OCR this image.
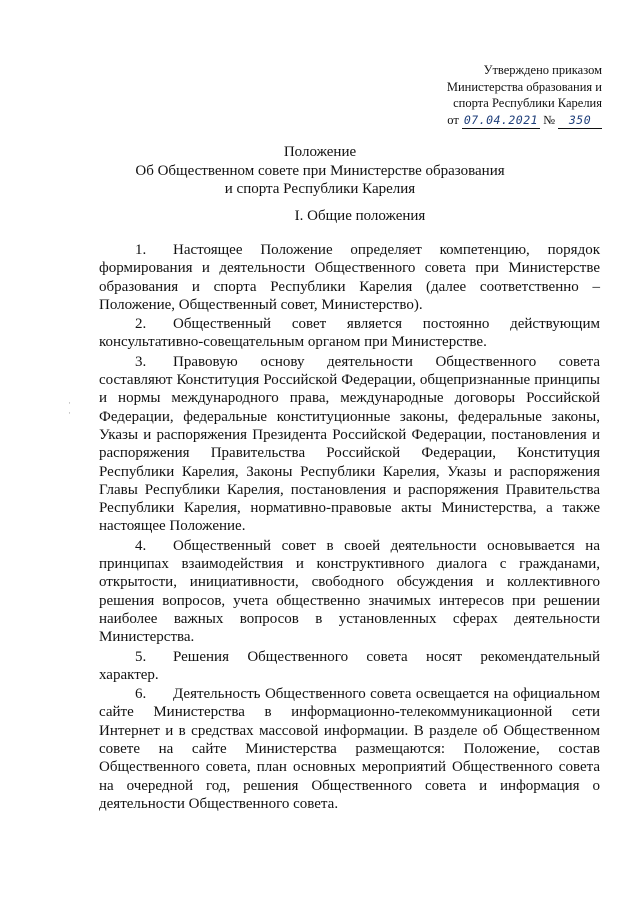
Утверждено приказом
Министерства образования и
спорта Республики Карелия
от 07.04.2021 №	350
Положение
Об Общественном совете при Министерстве образования
и спорта Республики Карелия
I. Общие положения
·
·

1. Настоящее Положение определяет компетенцию, порядок формирования и деятельности Общественного совета при Министерстве образования и спорта Республики Карелия (далее соответственно – Положение, Общественный совет, Министерство).

2. Общественный совет является постоянно действующим консультативно-совещательным органом при Министерстве.

3. Правовую основу деятельности Общественного совета составляют Конституция Российской Федерации, общепризнанные принципы и нормы международного права, международные договоры Российской Федерации, федеральные конституционные законы, федеральные законы, Указы и распоряжения Президента Российской Федерации, постановления и распоряжения Правительства Российской Федерации, Конституция Республики Карелия, Законы Республики Карелия, Указы и распоряжения Главы Республики Карелия, постановления и распоряжения Правительства Республики Карелия, нормативно-правовые акты Министерства, а также настоящее Положение.

4. Общественный совет в своей деятельности основывается на принципах взаимодействия и конструктивного диалога с гражданами, открытости, инициативности, свободного обсуждения и коллективного решения вопросов, учета общественно значимых интересов при решении наиболее важных вопросов в установленных сферах деятельности Министерства.

5. Решения Общественного совета носят рекомендательный характер.

6. Деятельность Общественного совета освещается на официальном сайте Министерства в информационно-телекоммуникационной сети Интернет и в средствах массовой информации. В разделе об Общественном совете на сайте Министерства размещаются: Положение, состав Общественного совета, план основных мероприятий Общественного совета на очередной год, решения Общественного совета и информация о деятельности Общественного совета.
